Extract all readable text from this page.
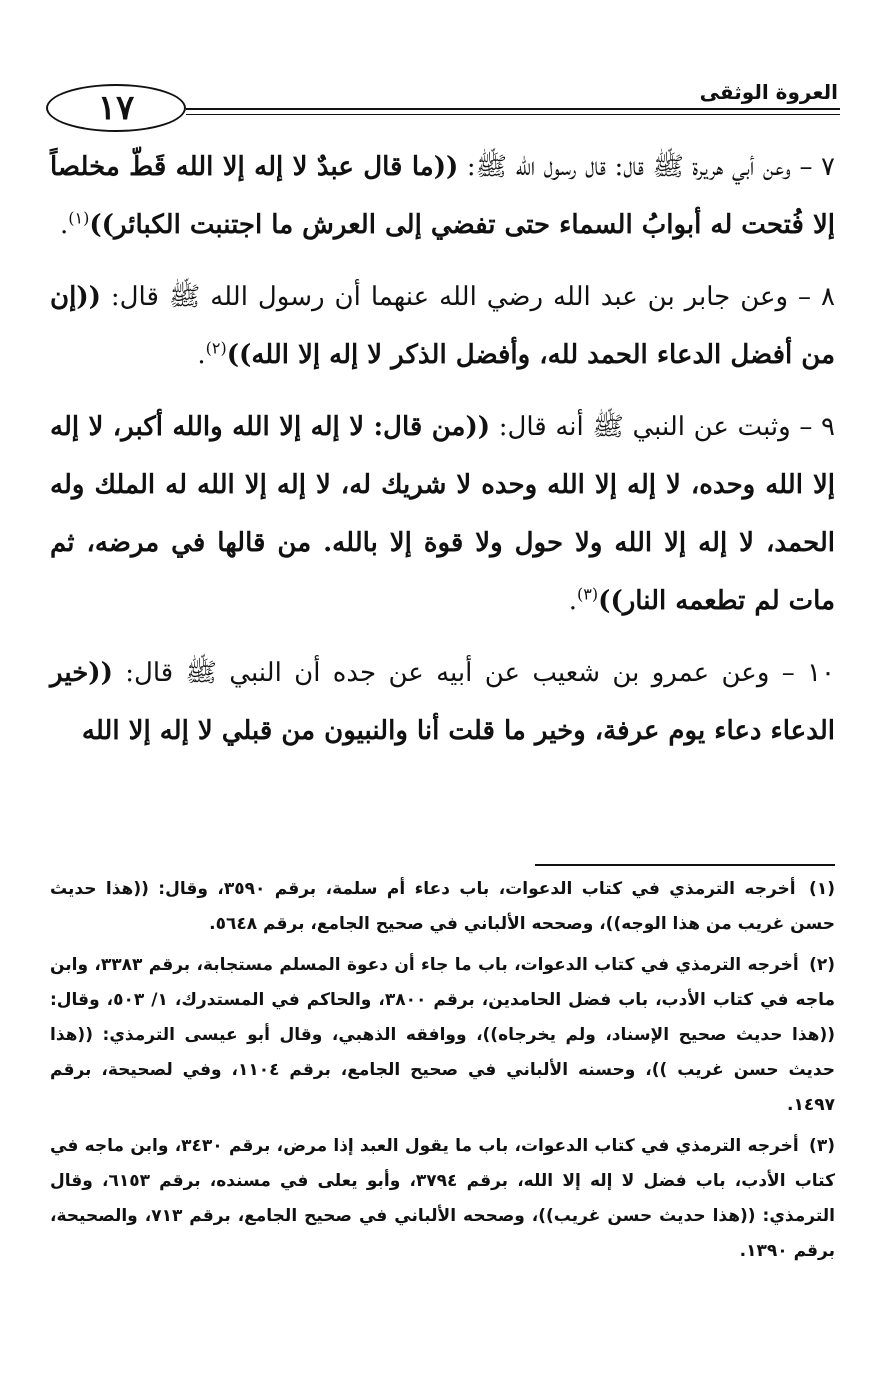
١٧	العروة الوثقى

٧ – وعن أبي هريرة ﷺ قال: قال رسول الله ﷺ: ((ما قال عبدٌ لا إله إلا الله قَطّ مخلصاً إلا فُتحت له أبوابُ السماء حتى تفضي إلى العرش ما اجتنبت الكبائر))$^{(١)}$.

٨ – وعن جابر بن عبد الله رضي الله عنهما أن رسول الله ﷺ قال: ((إن من أفضل الدعاء الحمد لله، وأفضل الذكر لا إله إلا الله))$^{(٢)}$.

٩ – وثبت عن النبي ﷺ أنه قال: ((من قال: لا إله إلا الله والله أكبر، لا إله إلا الله وحده، لا إله إلا الله وحده لا شريك له، لا إله إلا الله له الملك وله الحمد، لا إله إلا الله ولا حول ولا قوة إلا بالله. من قالها في مرضه، ثم مات لم تطعمه النار))$^{(٣)}$.

١٠ – وعن عمرو بن شعيب عن أبيه عن جده أن النبي ﷺ قال: ((خير الدعاء دعاء يوم عرفة، وخير ما قلت أنا والنبيون من قبلي لا إله إلا الله

(١) أخرجه الترمذي في كتاب الدعوات، باب دعاء أم سلمة، برقم ٣٥٩٠، وقال: ((هذا حديث حسن غريب من هذا الوجه))، وصححه الألباني في صحيح الجامع، برقم ٥٦٤٨.

(٢) أخرجه الترمذي في كتاب الدعوات، باب ما جاء أن دعوة المسلم مستجابة، برقم ٣٣٨٣، وابن ماجه في كتاب الأدب، باب فضل الحامدين، برقم ٣٨٠٠، والحاكم في المستدرك، ١/ ٥٠٣، وقال: ((هذا حديث صحيح الإسناد، ولم يخرجاه))، ووافقه الذهبي، وقال أبو عيسى الترمذي: ((هذا حديث حسن غريب ))، وحسنه الألباني في صحيح الجامع، برقم ١١٠٤، وفي لصحيحة، برقم ١٤٩٧.

(٣) أخرجه الترمذي في كتاب الدعوات، باب ما يقول العبد إذا مرض، برقم ٣٤٣٠، وابن ماجه في كتاب الأدب، باب فضل لا إله إلا الله، برقم ٣٧٩٤، وأبو يعلى في مسنده، برقم ٦١٥٣، وقال الترمذي: ((هذا حديث حسن غريب))، وصححه الألباني في صحيح الجامع، برقم ٧١٣، والصحيحة، برقم ١٣٩٠.
